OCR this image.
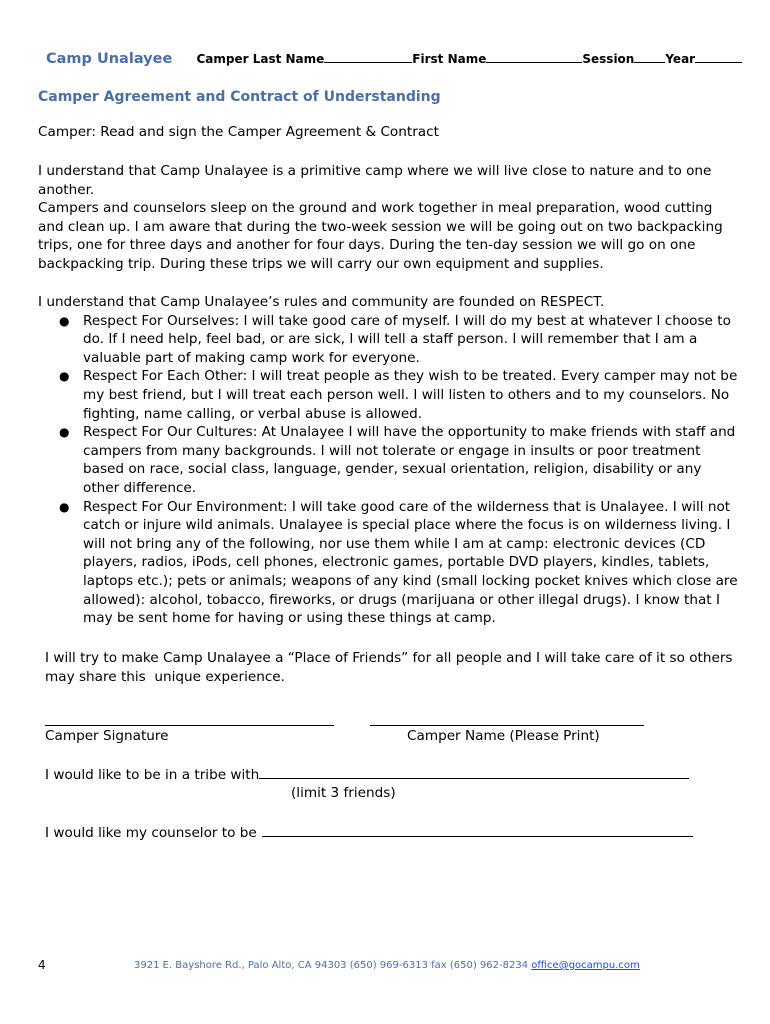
Camp Unalayee Camper Last Name	First Name	Session	Year
Camper Agreement and Contract of Understanding
Camper: Read and sign the Camper Agreement & Contract

I understand that Camp Unalayee is a primitive camp where we will live close to nature and to one another.

Campers and counselors sleep on the ground and work together in meal preparation, wood cutting and clean up. I am aware that during the two-week session we will be going out on two backpacking trips, one for three days and another for four days. During the ten-day session we will go on one backpacking trip. During these trips we will carry our own equipment and supplies.

I understand that Camp Unalayee’s rules and community are founded on RESPECT.

● Respect For Ourselves: I will take good care of myself. I will do my best at whatever I choose to do. If I need help, feel bad, or are sick, I will tell a staff person. I will remember that I am a valuable part of making camp work for everyone.
● Respect For Each Other: I will treat people as they wish to be treated. Every camper may not be my best friend, but I will treat each person well. I will listen to others and to my counselors. No fighting, name calling, or verbal abuse is allowed.
● Respect For Our Cultures: At Unalayee I will have the opportunity to make friends with staff and campers from many backgrounds. I will not tolerate or engage in insults or poor treatment based on race, social class, language, gender, sexual orientation, religion, disability or any other difference.
● Respect For Our Environment: I will take good care of the wilderness that is Unalayee. I will not catch or injure wild animals. Unalayee is special place where the focus is on wilderness living. I will not bring any of the following, nor use them while I am at camp: electronic devices (CD players, radios, iPods, cell phones, electronic games, portable DVD players, kindles, tablets, laptops etc.); pets or animals; weapons of any kind (small locking pocket knives which close are allowed): alcohol, tobacco, fireworks, or drugs (marijuana or other illegal drugs). I know that I may be sent home for having or using these things at camp.
I will try to make Camp Unalayee a “Place of Friends” for all people and I will take care of it so others may share this  unique experience.
Camper Signature	Camper Name (Please Print)
I would like to be in a tribe with
(limit 3 friends)
I would like my counselor to be
4	3921 E. Bayshore Rd., Palo Alto, CA 94303 (650) 969-6313 fax (650) 962-8234 office@gocampu.com
